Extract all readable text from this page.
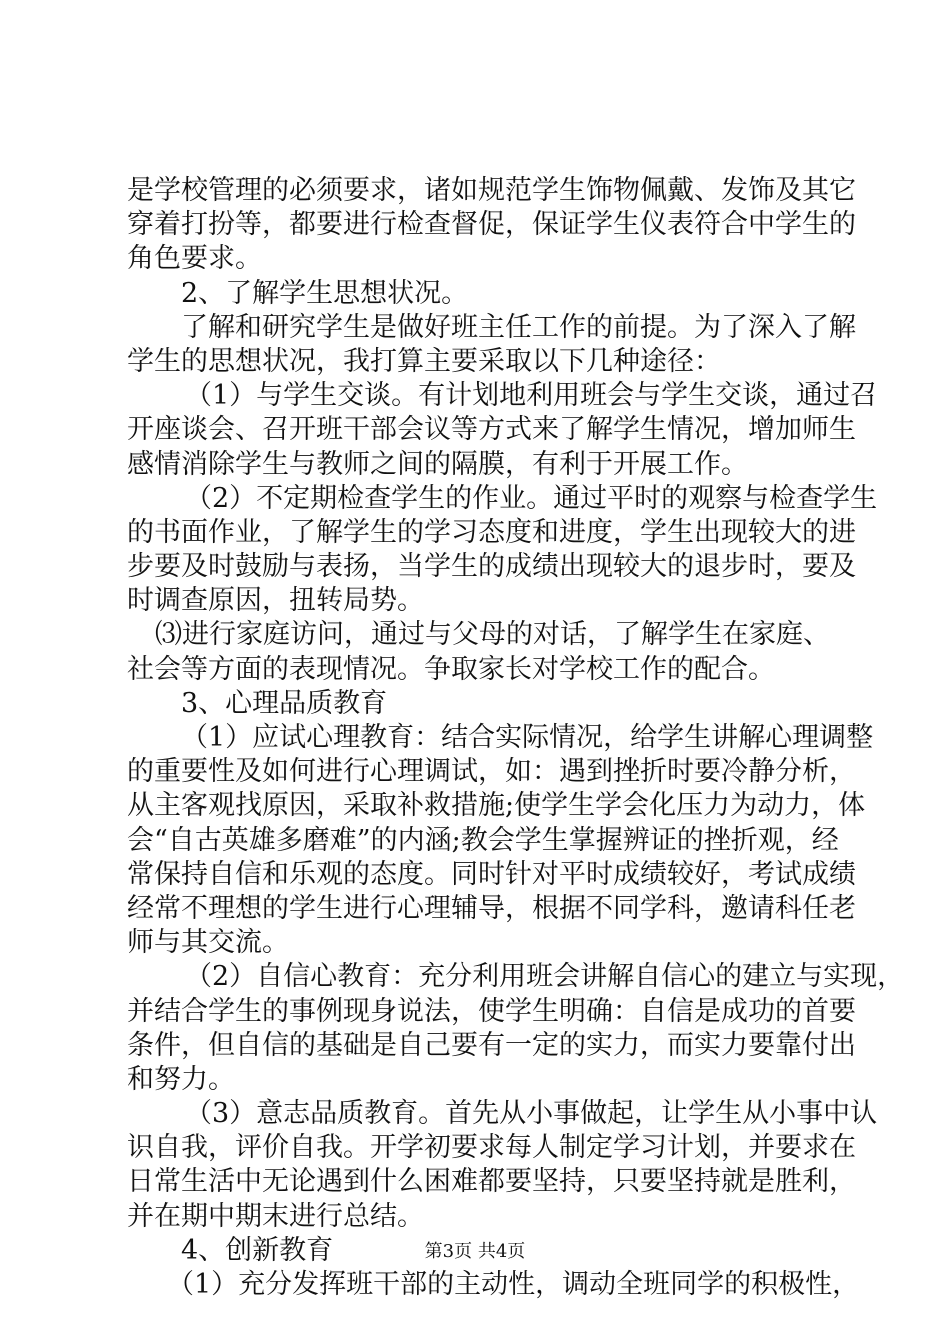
是学校管理的必须要求，诸如规范学生饰物佩戴、发饰及其它
穿着打扮等，都要进行检查督促，保证学生仪表符合中学生的
角色要求。
2、了解学生思想状况。
了解和研究学生是做好班主任工作的前提。为了深入了解
学生的思想状况，我打算主要采取以下几种途径：
（1）与学生交谈。有计划地利用班会与学生交谈，通过召
开座谈会、召开班干部会议等方式来了解学生情况，增加师生
感情消除学生与教师之间的隔膜，有利于开展工作。
（2）不定期检查学生的作业。通过平时的观察与检查学生
的书面作业，了解学生的学习态度和进度，学生出现较大的进
步要及时鼓励与表扬，当学生的成绩出现较大的退步时，要及
时调查原因，扭转局势。
⑶进行家庭访问，通过与父母的对话，了解学生在家庭、
社会等方面的表现情况。争取家长对学校工作的配合。
3、心理品质教育
（1）应试心理教育：结合实际情况，给学生讲解心理调整
的重要性及如何进行心理调试，如：遇到挫折时要冷静分析，
从主客观找原因，采取补救措施;使学生学会化压力为动力，体
会“自古英雄多磨难”的内涵;教会学生掌握辨证的挫折观，经
常保持自信和乐观的态度。同时针对平时成绩较好，考试成绩
经常不理想的学生进行心理辅导，根据不同学科，邀请科任老
师与其交流。
（2）自信心教育：充分利用班会讲解自信心的建立与实现，
并结合学生的事例现身说法，使学生明确：自信是成功的首要
条件，但自信的基础是自己要有一定的实力，而实力要靠付出
和努力。
（3）意志品质教育。首先从小事做起，让学生从小事中认
识自我，评价自我。开学初要求每人制定学习计划，并要求在
日常生活中无论遇到什么困难都要坚持，只要坚持就是胜利，
并在期中期末进行总结。
4、创新教育
（1）充分发挥班干部的主动性，调动全班同学的积极性，
第3页 共4页
